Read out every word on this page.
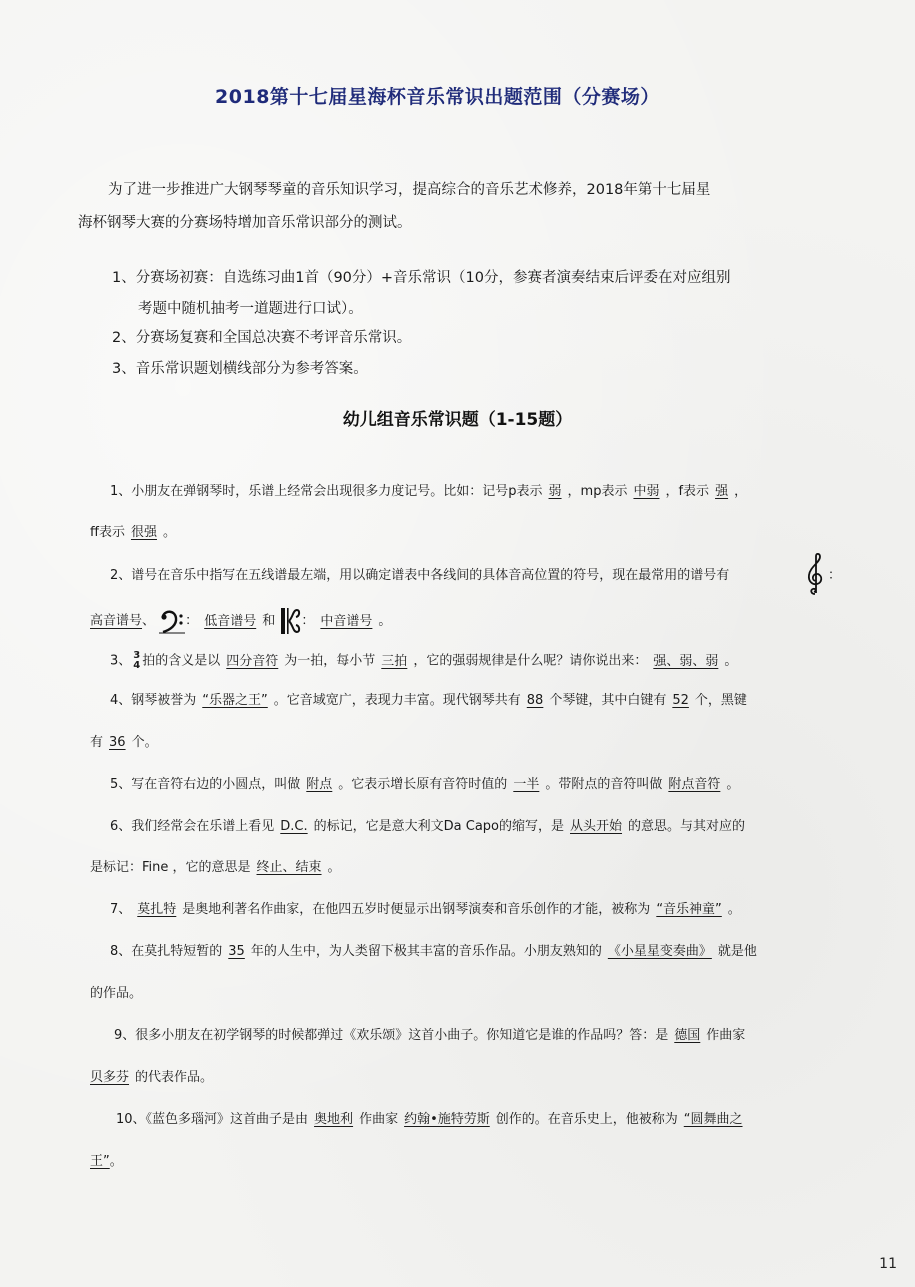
2018第十七届星海杯音乐常识出题范围（分赛场）
为了进一步推进广大钢琴琴童的音乐知识学习，提高综合的音乐艺术修养，2018年第十七届星
海杯钢琴大赛的分赛场特增加音乐常识部分的测试。
1、分赛场初赛：自选练习曲1首（90分）+音乐常识（10分，参赛者演奏结束后评委在对应组别
考题中随机抽考一道题进行口试）。
2、分赛场复赛和全国总决赛不考评音乐常识。
3、音乐常识题划横线部分为参考答案。
幼儿组音乐常识题（1-15题）
1、小朋友在弹钢琴时，乐谱上经常会出现很多力度记号。比如：记号p表示 弱 ，mp表示 中弱 ，f表示 强 ，
ff表示 很强 。
2、谱号在音乐中指写在五线谱最左端，用以确定谱表中各线间的具体音高位置的符号，现在最常用的谱号有	：
高音谱号、 ： 低音谱号 和 ： 中音谱号 。
3、 3
4 拍的含义是以 四分音符 为一拍，每小节 三拍 ，它的强弱规律是什么呢？请你说出来： 强、弱、弱 。
4、钢琴被誉为 “乐器之王” 。它音域宽广，表现力丰富。现代钢琴共有 88 个琴键，其中白键有 52 个，黑键
有 36 个。
5、写在音符右边的小圆点，叫做 附点 。它表示增长原有音符时值的 一半 。带附点的音符叫做 附点音符 。
6、我们经常会在乐谱上看见 D.C. 的标记，它是意大利文Da Capo的缩写，是 从头开始 的意思。与其对应的
是标记：Fine ，它的意思是 终止、结束 。
7、 莫扎特 是奥地利著名作曲家，在他四五岁时便显示出钢琴演奏和音乐创作的才能，被称为 “音乐神童” 。
8、在莫扎特短暂的 35 年的人生中，为人类留下极其丰富的音乐作品。小朋友熟知的 《小星星变奏曲》 就是他
的作品。
9、很多小朋友在初学钢琴的时候都弹过《欢乐颂》这首小曲子。你知道它是谁的作品吗？答：是 德国 作曲家
贝多芬 的代表作品。
10、《蓝色多瑙河》这首曲子是由 奥地利 作曲家 约翰•施特劳斯 创作的。在音乐史上，他被称为 “圆舞曲之
王”。
11
